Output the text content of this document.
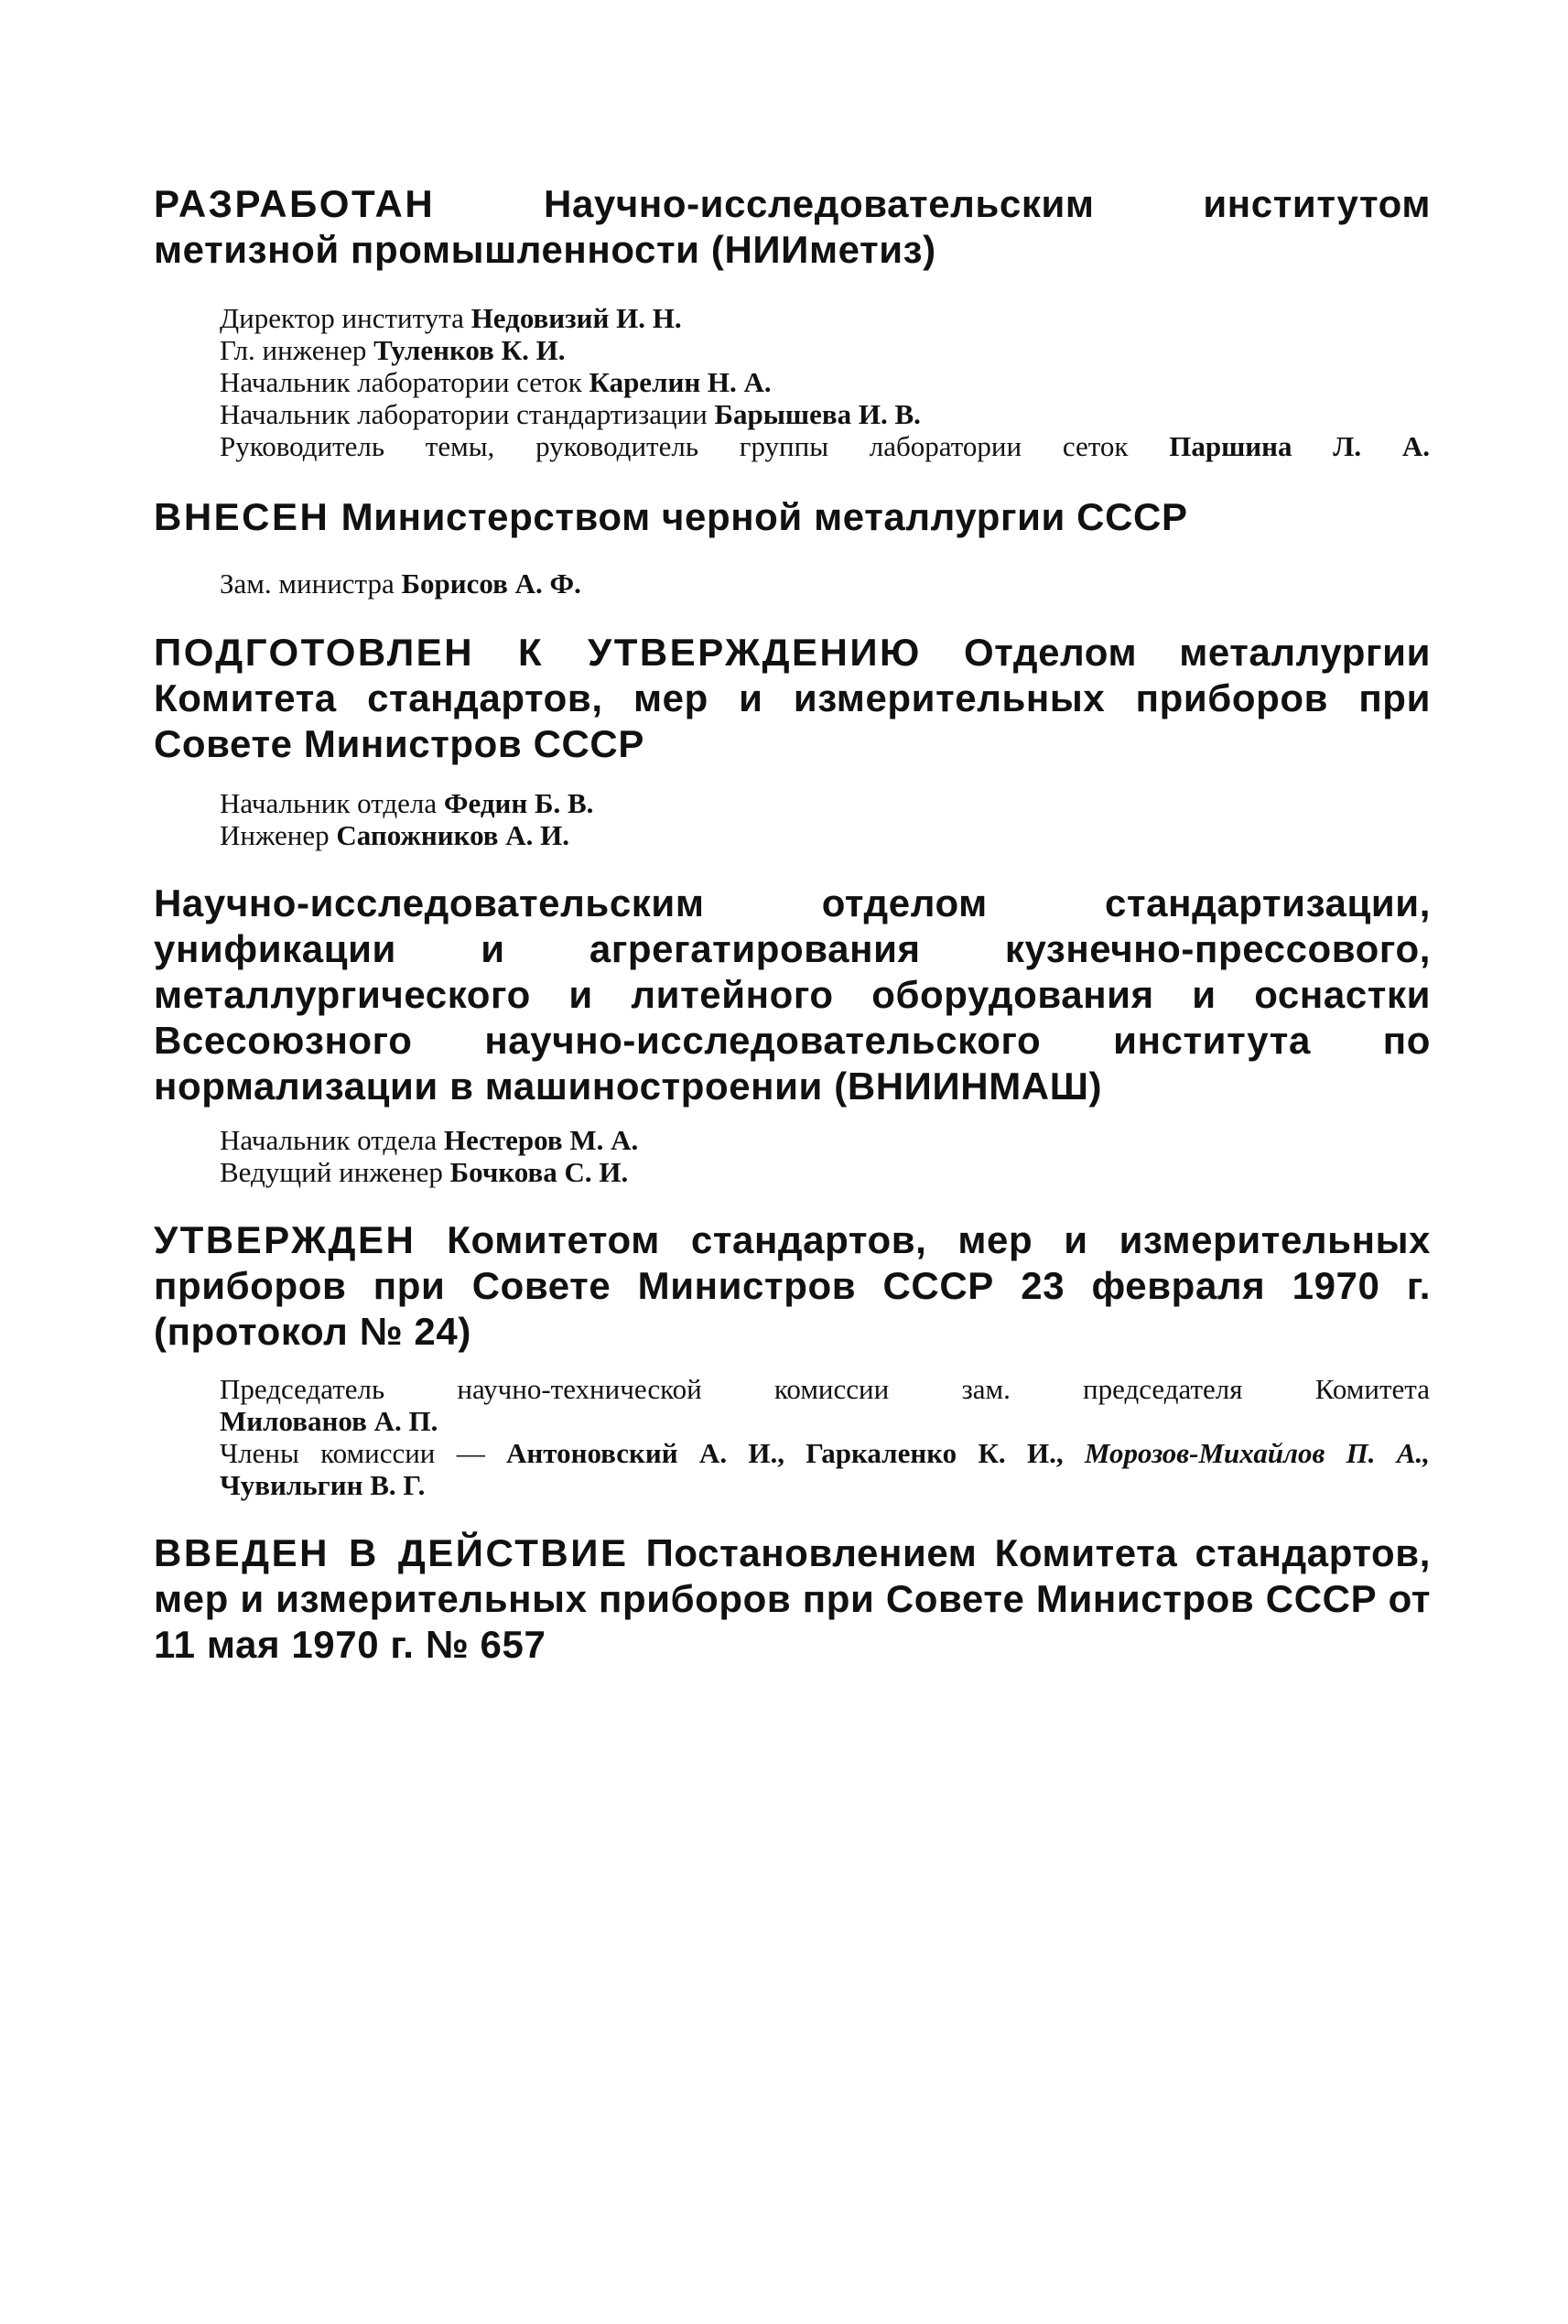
РАЗРАБОТАН	Научно-исследовательским институтом метизной промышленности (НИИметиз)

Директор института Недовизий И. Н.
Гл. инженер Туленков К. И.
Начальник лаборатории сеток Карелин Н. А.
Начальник лаборатории стандартизации Барышева И. В.
Руководитель темы, руководитель группы лаборатории сеток Паршина Л. А.

ВНЕСЕН Министерством черной металлургии СССР

Зам. министра Борисов А. Ф.

ПОДГОТОВЛЕН К УТВЕРЖДЕНИЮ Отделом металлургии Комитета стандартов, мер и измерительных приборов при Совете Министров СССР

Начальник отдела Федин Б. В.
Инженер Сапожников А. И.

Научно-исследовательским отделом стандартизации, унификации и агрегатирования кузнечно-прессового, металлургического и литейного оборудования и оснастки Всесоюзного научно-исследовательского института по нормализации в машиностроении (ВНИИНМАШ)

Начальник отдела Нестеров М. А.
Ведущий инженер Бочкова С. И.

УТВЕРЖДЕН Комитетом стандартов, мер и измерительных приборов при Совете Министров СССР 23 февраля 1970 г. (протокол № 24)

Председатель научно-технической комиссии зам. председателя Комитета
Милованов А. П.
Члены комиссии — Антоновский А. И., Гаркаленко К. И., Морозов-Михайлов П. А.,
Чувильгин В. Г.

ВВЕДЕН В ДЕЙСТВИЕ Постановлением Комитета стандартов, мер и измерительных приборов при Совете Министров СССР от 11 мая 1970 г. № 657
